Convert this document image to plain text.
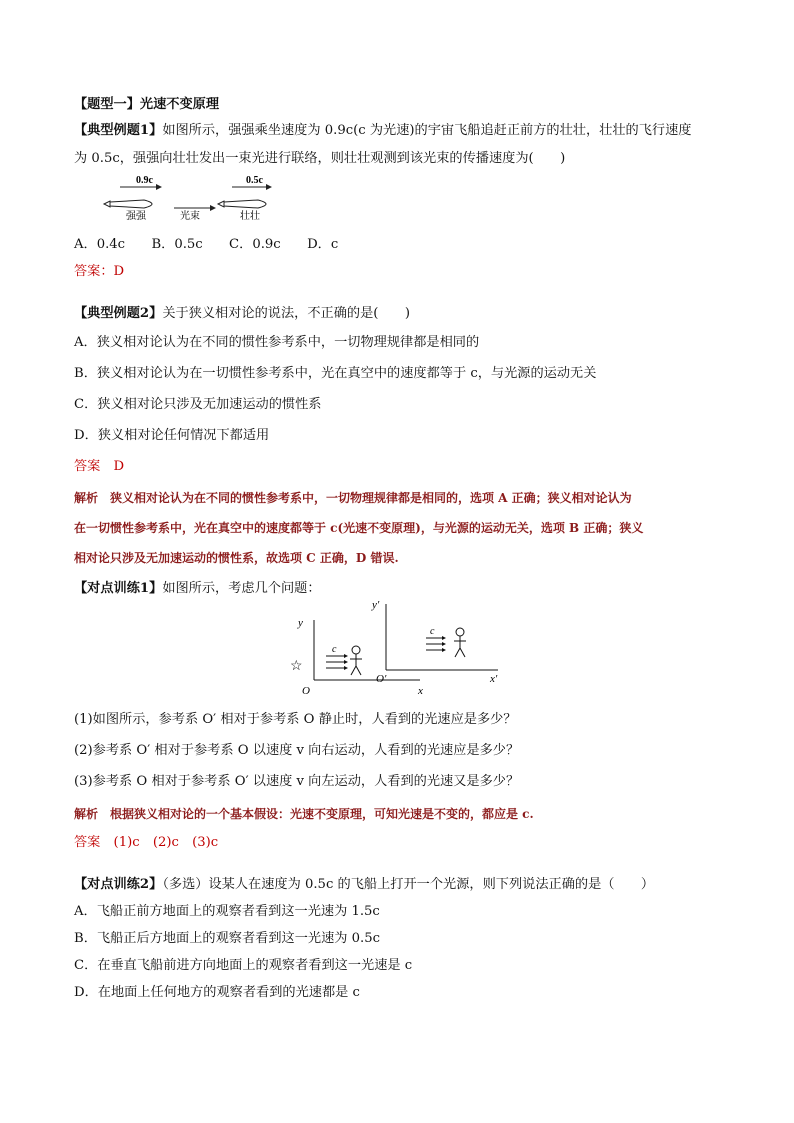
【题型一】光速不变原理
【典型例题1】如图所示，强强乘坐速度为 0.9c(c 为光速)的宇宙飞船追赶正前方的壮壮，壮壮的飞行速度
为 0.5c，强强向壮壮发出一束光进行联络，则壮壮观测到该光束的传播速度为(　　)
0.9c
强强	光束
0.5c
壮壮
A．0.4c　　B．0.5c　　C．0.9c　　D．c
答案：D
【典型例题2】关于狭义相对论的说法，不正确的是(　　)
A．狭义相对论认为在不同的惯性参考系中，一切物理规律都是相同的
B．狭义相对论认为在一切惯性参考系中，光在真空中的速度都等于 c，与光源的运动无关
C．狭义相对论只涉及无加速运动的惯性系
D．狭义相对论任何情况下都适用
答案　D
解析　狭义相对论认为在不同的惯性参考系中，一切物理规律都是相同的，选项 A 正确；狭义相对论认为
在一切惯性参考系中，光在真空中的速度都等于 c(光速不变原理)，与光源的运动无关，选项 B 正确；狭义
相对论只涉及无加速运动的惯性系，故选项 C 正确，D 错误.
【对点训练1】如图所示，考虑几个问题：
y
O	x
☆
c
y′
O′	x′
c
(1)如图所示，参考系 O′ 相对于参考系 O 静止时，人看到的光速应是多少？
(2)参考系 O′ 相对于参考系 O 以速度 v 向右运动，人看到的光速应是多少？
(3)参考系 O 相对于参考系 O′ 以速度 v 向左运动，人看到的光速又是多少？
解析　根据狭义相对论的一个基本假设：光速不变原理，可知光速是不变的，都应是 c.
答案　(1)c　(2)c　(3)c
【对点训练2】（多选）设某人在速度为 0.5c 的飞船上打开一个光源，则下列说法正确的是（　　）
A．飞船正前方地面上的观察者看到这一光速为 1.5c
B．飞船正后方地面上的观察者看到这一光速为 0.5c
C．在垂直飞船前进方向地面上的观察者看到这一光速是 c
D．在地面上任何地方的观察者看到的光速都是 c
